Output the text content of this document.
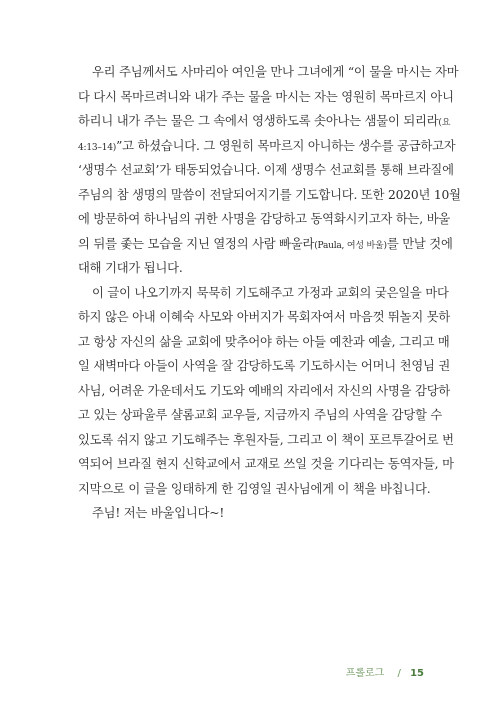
우리 주님께서도 사마리아 여인을 만나 그녀에게 “이 물을 마시는 자마
다 다시 목마르려니와 내가 주는 물을 마시는 자는 영원히 목마르지 아니
하리니 내가 주는 물은 그 속에서 영생하도록 솟아나는 샘물이 되리라(요
4:13–14)”고 하셨습니다. 그 영원히 목마르지 아니하는 생수를 공급하고자
‘생명수 선교회’가 태동되었습니다. 이제 생명수 선교회를 통해 브라질에
주님의 참 생명의 말씀이 전달되어지기를 기도합니다. 또한 2020년 10월
에 방문하여 하나님의 귀한 사명을 감당하고 동역화시키고자 하는, 바울
의 뒤를 좇는 모습을 지닌 열정의 사람 빠울라(Paula, 여성 바울)를 만날 것에
대해 기대가 됩니다.
이 글이 나오기까지 묵묵히 기도해주고 가정과 교회의 궂은일을 마다
하지 않은 아내 이혜숙 사모와 아버지가 목회자여서 마음껏 뛰놀지 못하
고 항상 자신의 삶을 교회에 맞추어야 하는 아들 예찬과 예솔, 그리고 매
일 새벽마다 아들이 사역을 잘 감당하도록 기도하시는 어머니 천영님 권
사님, 어려운 가운데서도 기도와 예배의 자리에서 자신의 사명을 감당하
고 있는 상파울루 샬롬교회 교우들, 지금까지 주님의 사역을 감당할 수
있도록 쉬지 않고 기도해주는 후원자들, 그리고 이 책이 포르투갈어로 번
역되어 브라질 현지 신학교에서 교재로 쓰일 것을 기다리는 동역자들, 마
지막으로 이 글을 잉태하게 한 김영일 권사님에게 이 책을 바칩니다.
주님! 저는 바울입니다~!
프롤로그 / 15
